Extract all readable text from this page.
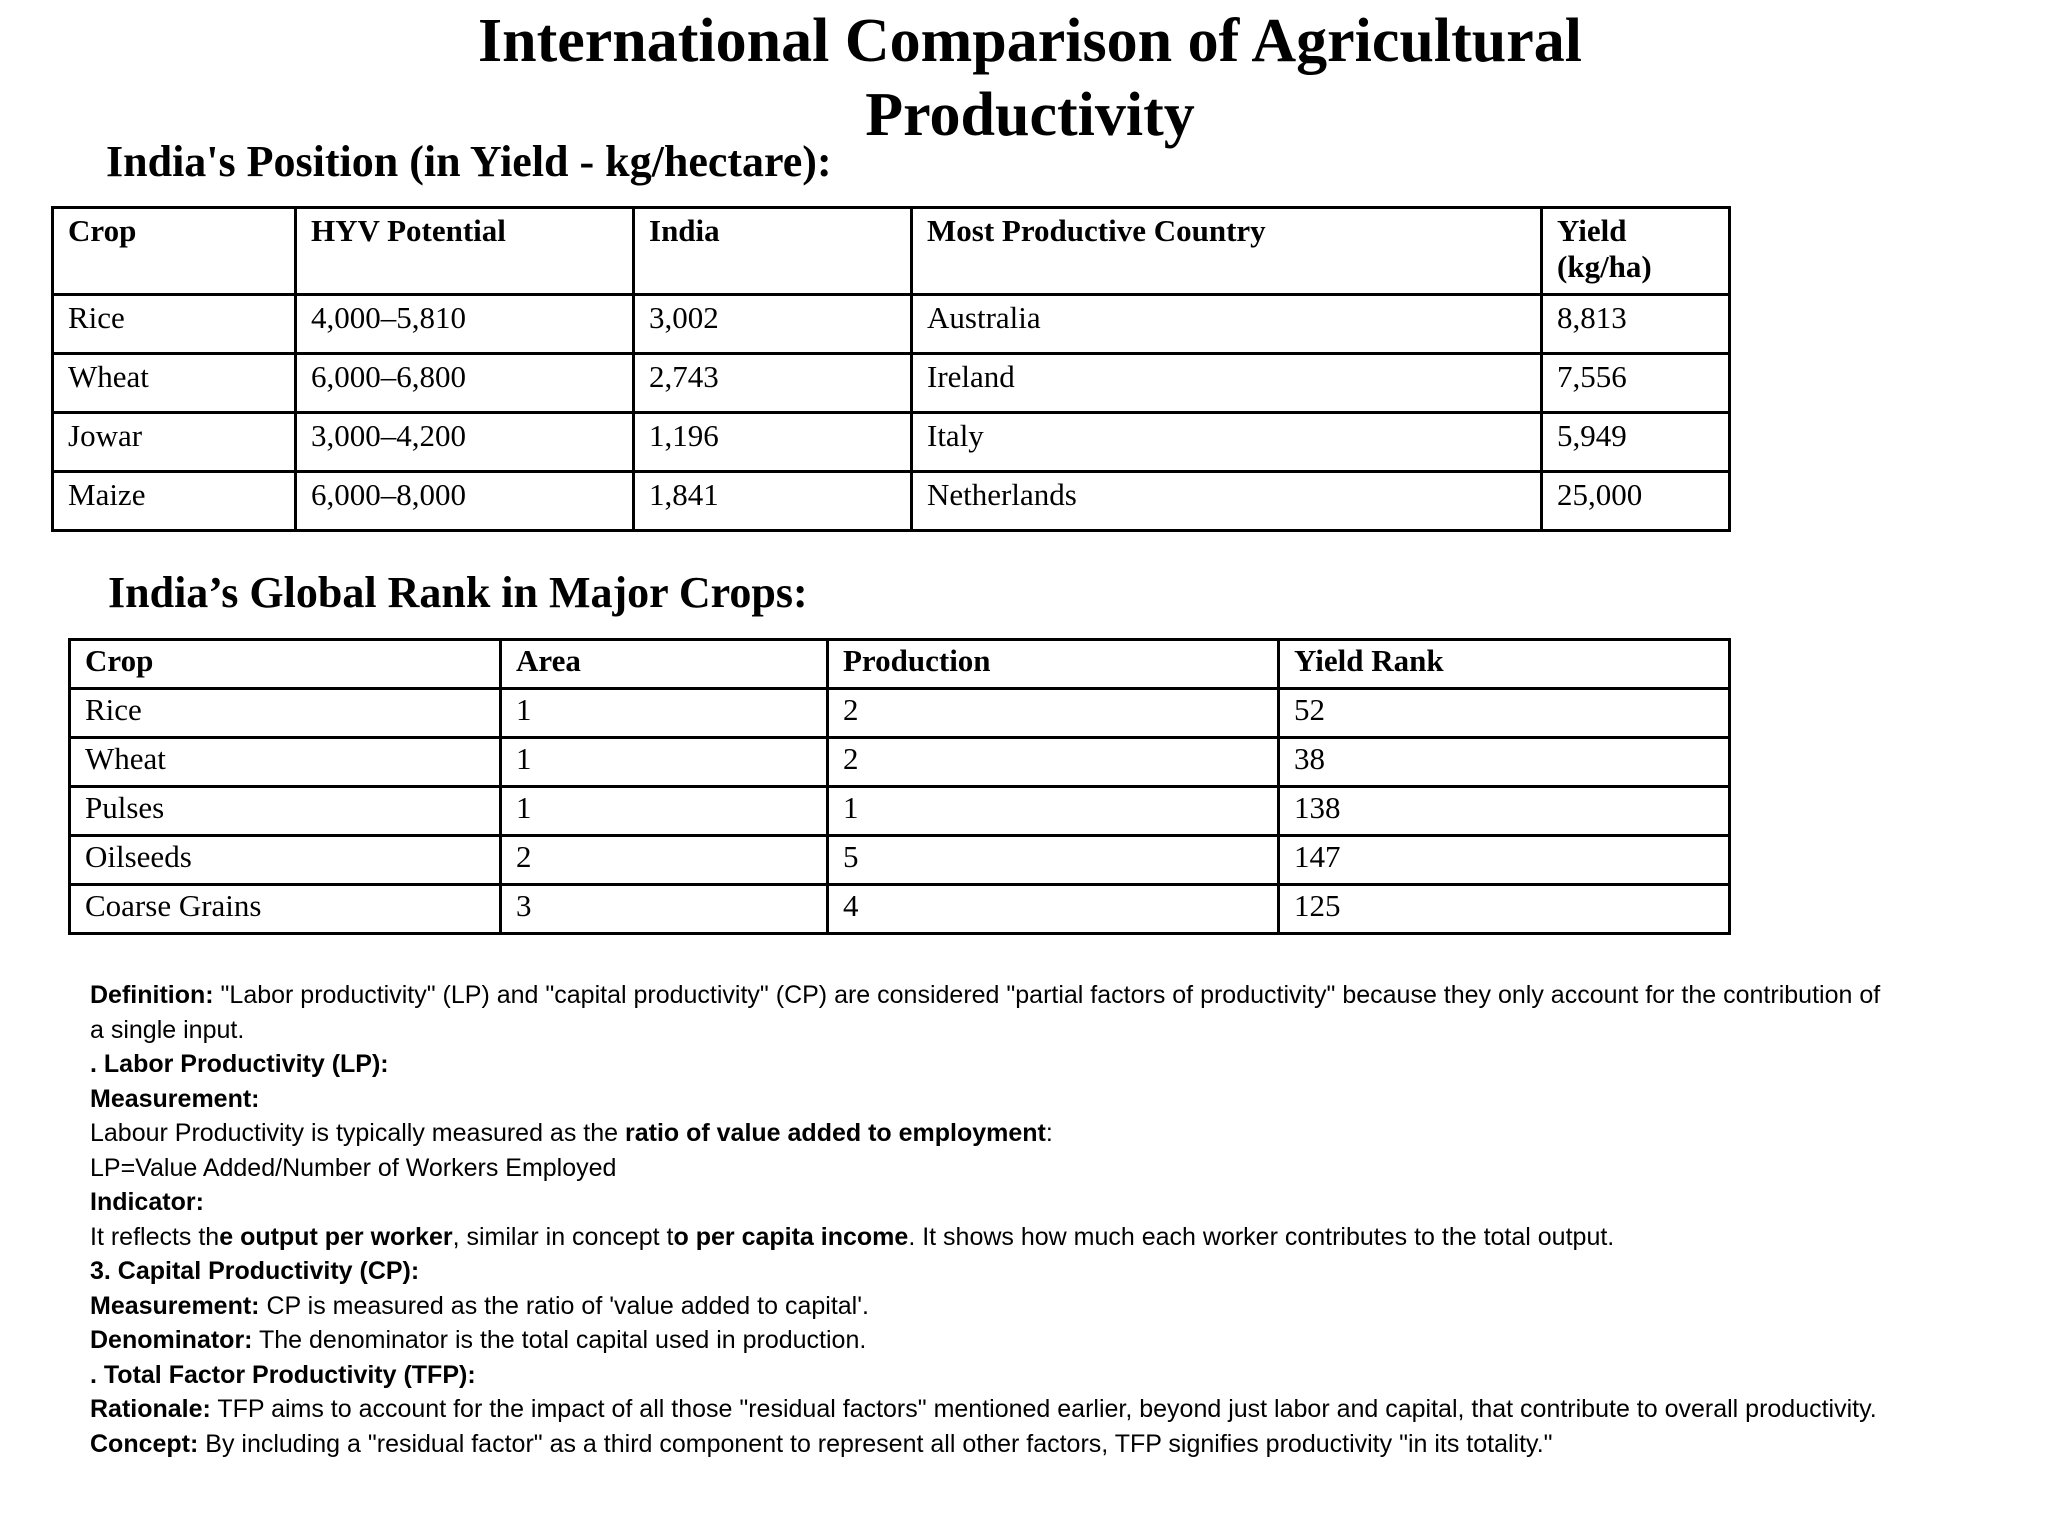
International Comparison of Agricultural Productivity
India's Position (in Yield - kg/hectare):
Crop	HYV Potential	India	Most Productive Country	Yield (kg/ha)
Rice	4,000–5,810	3,002	Australia	8,813
Wheat	6,000–6,800	2,743	Ireland	7,556
Jowar	3,000–4,200	1,196	Italy	5,949
Maize	6,000–8,000	1,841	Netherlands	25,000
India’s Global Rank in Major Crops:
Crop	Area	Production	Yield Rank
Rice	1	2	52
Wheat	1	2	38
Pulses	1	1	138
Oilseeds	2	5	147
Coarse Grains	3	4	125

Definition: "Labor productivity" (LP) and "capital productivity" (CP) are considered "partial factors of productivity" because they only account for the contribution of a single input.

. Labor Productivity (LP):

Measurement:

Labour Productivity is typically measured as the ratio of value added to employment:

LP=Value Added/Number of Workers Employed

Indicator:

It reflects the output per worker, similar in concept to per capita income. It shows how much each worker contributes to the total output.

3. Capital Productivity (CP):

Measurement: CP is measured as the ratio of 'value added to capital'.

Denominator: The denominator is the total capital used in production.

. Total Factor Productivity (TFP):

Rationale: TFP aims to account for the impact of all those "residual factors" mentioned earlier, beyond just labor and capital, that contribute to overall productivity.

Concept: By including a "residual factor" as a third component to represent all other factors, TFP signifies productivity "in its totality."
